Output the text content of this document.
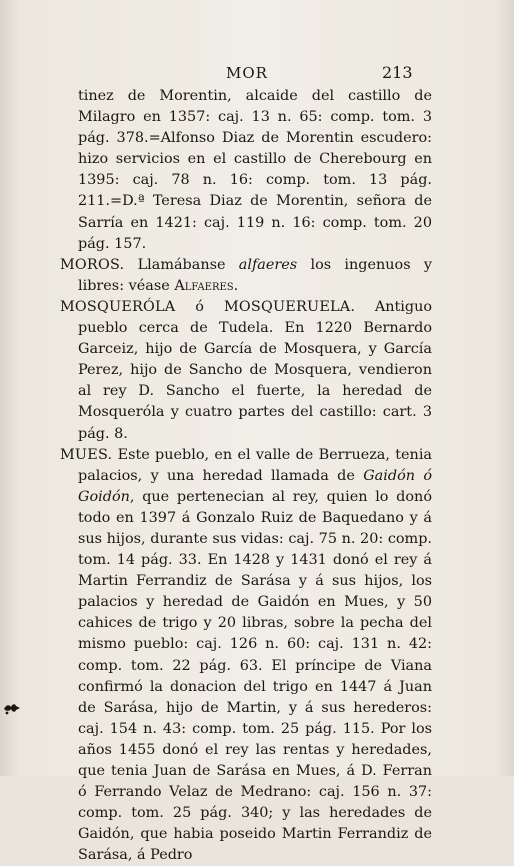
MOR	213

tinez de Morentin, alcaide del castillo de Milagro en 1357: caj. 13 n. 65: comp. tom. 3 pág. 378.=Alfonso Diaz de Morentin escudero: hizo servicios en el castillo de Cherebourg en 1395: caj. 78 n. 16: comp. tom. 13 pág. 211.=D.ª Teresa Diaz de Morentin, señora de Sarría en 1421: caj. 119 n. 16: comp. tom. 20 pág. 157.

MOROS. Llamábanse alfaeres los ingenuos y libres: véase Alfaeres.

MOSQUERÓLA ó MOSQUERUELA. Antiguo pueblo cerca de Tudela. En 1220 Bernardo Garceiz, hijo de García de Mosquera, y García Perez, hijo de Sancho de Mosquera, vendieron al rey D. Sancho el fuerte, la heredad de Mosqueróla y cuatro partes del castillo: cart. 3 pág. 8.

MUES. Este pueblo, en el valle de Berrueza, tenia palacios, y una heredad llamada de Gaidón ó Goidón, que pertenecian al rey, quien lo donó todo en 1397 á Gonzalo Ruiz de Baquedano y á sus hijos, durante sus vidas: caj. 75 n. 20: comp. tom. 14 pág. 33. En 1428 y 1431 donó el rey á Martin Ferrandiz de Sarása y á sus hijos, los palacios y heredad de Gaidón en Mues, y 50 cahices de trigo y 20 libras, sobre la pecha del mismo pueblo: caj. 126 n. 60: caj. 131 n. 42: comp. tom. 22 pág. 63. El príncipe de Viana confirmó la donacion del trigo en 1447 á Juan de Sarása, hijo de Martin, y á sus herederos: caj. 154 n. 43: comp. tom. 25 pág. 115. Por los años 1455 donó el rey las rentas y heredades, que tenia Juan de Sarása en Mues, á D. Ferran ó Ferrando Velaz de Medrano: caj. 156 n. 37: comp. tom. 25 pág. 340; y las heredades de Gaidón, que habia poseido Martin Ferrandiz de Sarása, á Pedro
